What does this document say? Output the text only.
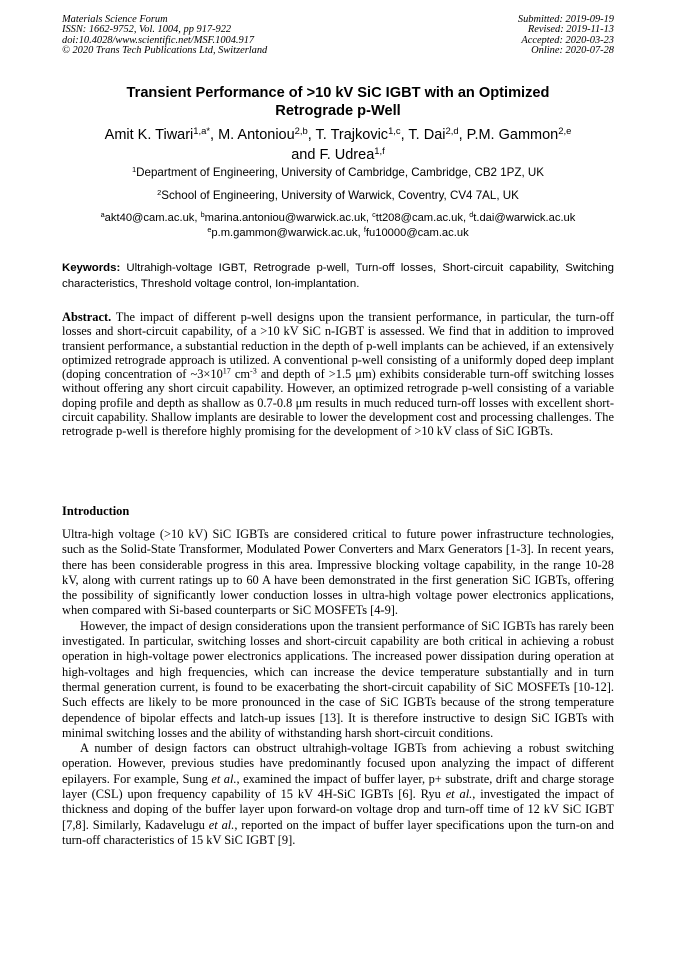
Materials Science Forum
ISSN: 1662-9752, Vol. 1004, pp 917-922
doi:10.4028/www.scientific.net/MSF.1004.917
© 2020 Trans Tech Publications Ltd, Switzerland
Submitted: 2019-09-19
Revised: 2019-11-13
Accepted: 2020-03-23
Online: 2020-07-28
Transient Performance of >10 kV SiC IGBT with an Optimized
Retrograde p-Well
Amit K. Tiwari$^{1,a*}$, M. Antoniou$^{2,b}$, T. Trajkovic$^{1,c}$, T. Dai$^{2,d}$, P.M. Gammon$^{2,e}$
and F. Udrea$^{1,f}$
$^1$Department of Engineering, University of Cambridge, Cambridge, CB2 1PZ, UK
$^2$School of Engineering, University of Warwick, Coventry, CV4 7AL, UK
$^a$akt40@cam.ac.uk, $^b$marina.antoniou@warwick.ac.uk, $^c$tt208@cam.ac.uk, $^d$t.dai@warwick.ac.uk
$^e$p.m.gammon@warwick.ac.uk, $^f$fu10000@cam.ac.uk
Keywords: Ultrahigh-voltage IGBT, Retrograde p-well, Turn-off losses, Short-circuit capability, Switching characteristics, Threshold voltage control, Ion-implantation.
Abstract. The impact of different p-well designs upon the transient performance, in particular, the turn-off losses and short-circuit capability, of a >10 kV SiC n-IGBT is assessed. We find that in addition to improved transient performance, a substantial reduction in the depth of p-well implants can be achieved, if an extensively optimized retrograde approach is utilized. A conventional p-well consisting of a uniformly doped deep implant (doping concentration of $\sim 3\times 10^{17}$ $cm^{-3}$ and depth of >1.5 μm) exhibits considerable turn-off switching losses without offering any short circuit capability. However, an optimized retrograde p-well consisting of a variable doping profile and depth as shallow as 0.7-0.8 μm results in much reduced turn-off losses with excellent short-circuit capability. Shallow implants are desirable to lower the development cost and processing challenges. The retrograde p-well is therefore highly promising for the development of >10 kV class of SiC IGBTs.
Introduction

Ultra-high voltage (>10 kV) SiC IGBTs are considered critical to future power infrastructure technologies, such as the Solid-State Transformer, Modulated Power Converters and Marx Generators [1-3]. In recent years, there has been considerable progress in this area. Impressive blocking voltage capability, in the range 10-28 kV, along with current ratings up to 60 A have been demonstrated in the first generation SiC IGBTs, offering the possibility of significantly lower conduction losses in ultra-high voltage power electronics applications, when compared with Si-based counterparts or SiC MOSFETs [4-9].

However, the impact of design considerations upon the transient performance of SiC IGBTs has rarely been investigated. In particular, switching losses and short-circuit capability are both critical in achieving a robust operation in high-voltage power electronics applications. The increased power dissipation during operation at high-voltages and high frequencies, which can increase the device temperature substantially and in turn thermal generation current, is found to be exacerbating the short-circuit capability of SiC MOSFETs [10-12]. Such effects are likely to be more pronounced in the case of SiC IGBTs because of the strong temperature dependence of bipolar effects and latch-up issues [13]. It is therefore instructive to design SiC IGBTs with minimal switching losses and the ability of withstanding harsh short-circuit conditions.

A number of design factors can obstruct ultrahigh-voltage IGBTs from achieving a robust switching operation. However, previous studies have predominantly focused upon analyzing the impact of different epilayers. For example, Sung et al., examined the impact of buffer layer, p+ substrate, drift and charge storage layer (CSL) upon frequency capability of 15 kV 4H-SiC IGBTs [6]. Ryu et al., investigated the impact of thickness and doping of the buffer layer upon forward-on voltage drop and turn-off time of 12 kV SiC IGBT [7,8]. Similarly, Kadavelugu et al., reported on the impact of buffer layer specifications upon the turn-on and turn-off characteristics of 15 kV SiC IGBT [9].
